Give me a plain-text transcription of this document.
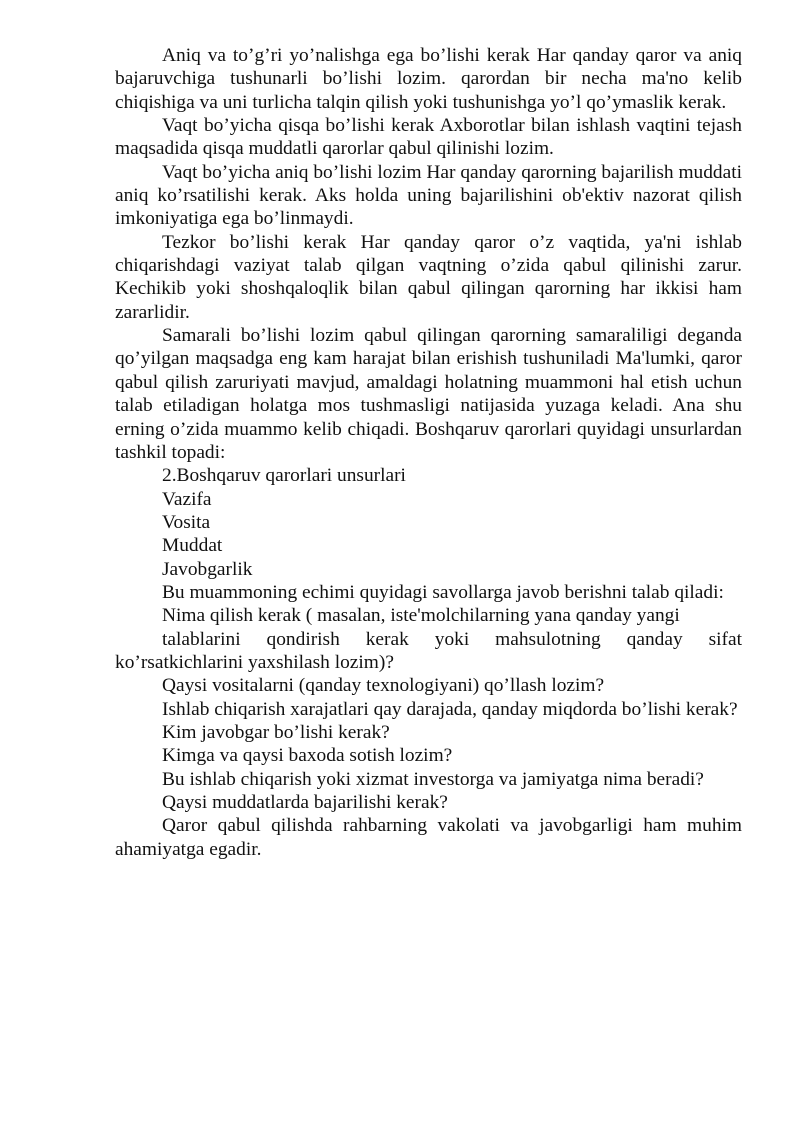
Aniq va to’g’ri yo’nalishga ega bo’lishi kerak Har qanday qaror va aniq bajaruvchiga tushunarli bo’lishi lozim. qarordan bir necha ma'no kelib chiqishiga va uni turlicha talqin qilish yoki tushunishga yo’l qo’ymaslik kerak.

Vaqt bo’yicha qisqa bo’lishi kerak Axborotlar bilan ishlash vaqtini tejash maqsadida qisqa muddatli qarorlar qabul qilinishi lozim.

Vaqt bo’yicha aniq bo’lishi lozim Har qanday qarorning bajarilish muddati aniq ko’rsatilishi kerak. Aks holda uning bajarilishini ob'ektiv nazorat qilish imkoniyatiga ega bo’linmaydi.

Tezkor bo’lishi kerak Har qanday qaror o’z vaqtida, ya'ni ishlab chiqarishdagi vaziyat talab qilgan vaqtning o’zida qabul qilinishi zarur. Kechikib yoki shoshqaloqlik bilan qabul qilingan qarorning har ikkisi ham zararlidir.

Samarali bo’lishi lozim qabul qilingan qarorning samaraliligi deganda qo’yilgan maqsadga eng kam harajat bilan erishish tushuniladi Ma'lumki, qaror qabul qilish zaruriyati mavjud, amaldagi holatning muammoni hal etish uchun talab etiladigan holatga mos tushmasligi natijasida yuzaga keladi. Ana shu erning o’zida muammo kelib chiqadi. Boshqaruv qarorlari quyidagi unsurlardan tashkil topadi:

2.Boshqaruv qarorlari unsurlari

Vazifa

Vosita

Muddat

Javobgarlik

Bu muammoning echimi quyidagi savollarga javob berishni talab qiladi:

Nima qilish kerak ( masalan, iste'molchilarning yana qanday yangi

talablarini qondirish kerak yoki mahsulotning qanday sifat ko’rsatkichlarini yaxshilash lozim)?

Qaysi vositalarni (qanday texnologiyani) qo’llash lozim?

Ishlab chiqarish xarajatlari qay darajada, qanday miqdorda bo’lishi kerak?

Kim javobgar bo’lishi kerak?

Kimga va qaysi baxoda sotish lozim?

Bu ishlab chiqarish yoki xizmat investorga va jamiyatga nima beradi?

Qaysi muddatlarda bajarilishi kerak?

Qaror qabul qilishda rahbarning vakolati va javobgarligi ham muhim ahamiyatga egadir.
